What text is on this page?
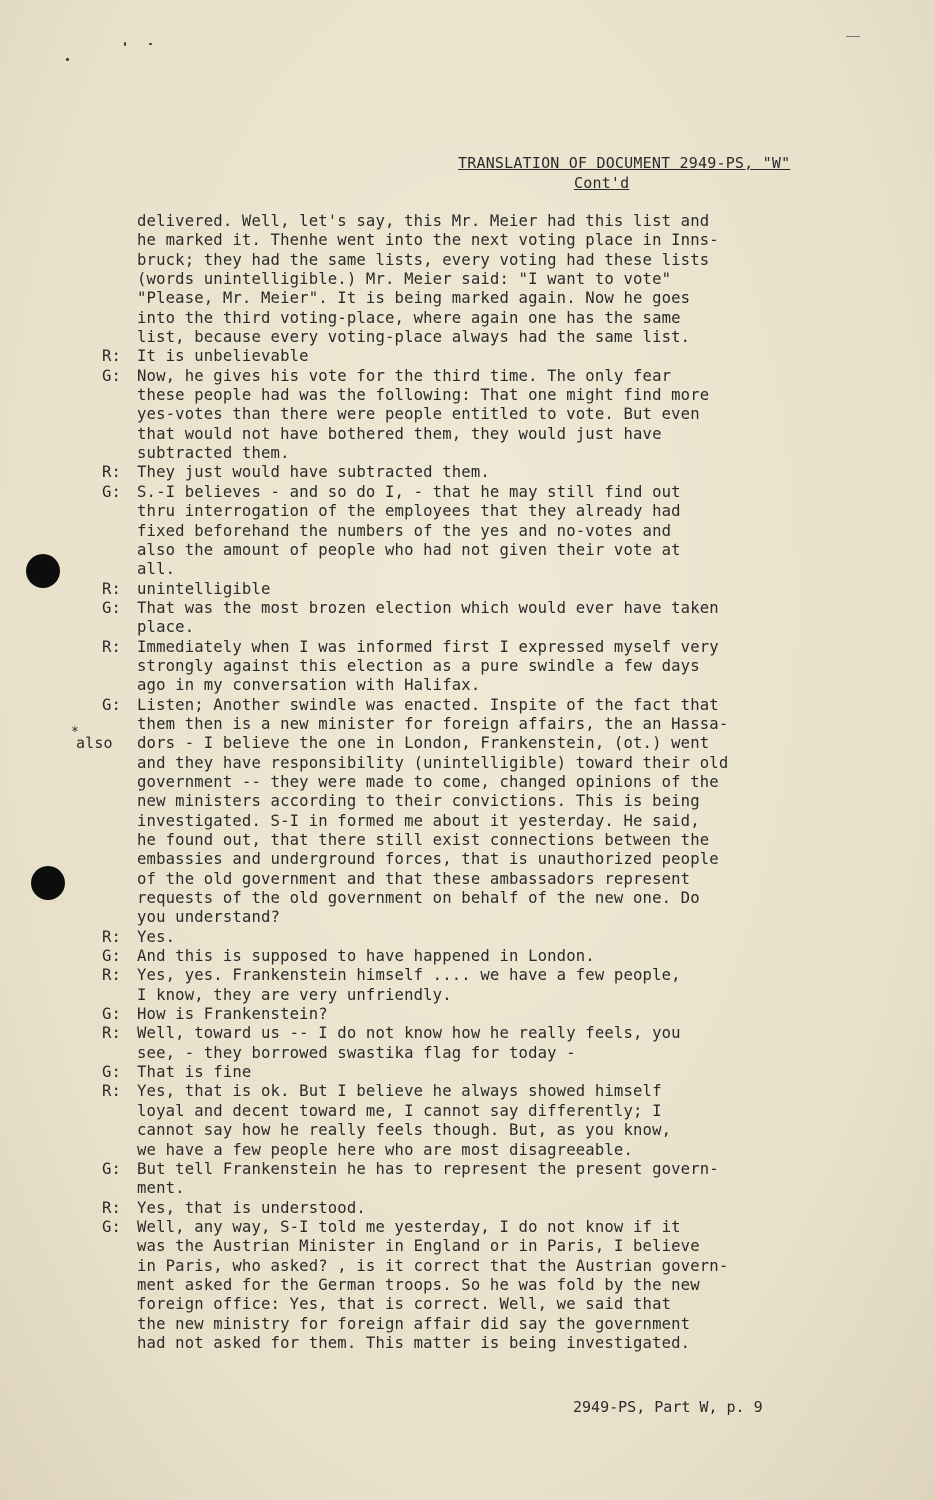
TRANSLATION OF DOCUMENT 2949-PS, "W"
Cont'd
delivered. Well, let's say, this Mr. Meier had this list and
he marked it. Thenhe went into the next voting place in Inns-
bruck; they had the same lists, every voting had these lists
(words unintelligible.) Mr. Meier said: "I want to vote"
"Please, Mr. Meier". It is being marked again. Now he goes
into the third voting-place, where again one has the same
list, because every voting-place always had the same list.
R:	It is unbelievable
G:	Now, he gives his vote for the third time. The only fear
these people had was the following: That one might find more
yes-votes than there were people entitled to vote. But even
that would not have bothered them, they would just have
subtracted them.
R:	They just would have subtracted them.
G:	S.-I believes - and so do I, - that he may still find out
thru interrogation of the employees that they already had
fixed beforehand the numbers of the yes and no-votes and
also the amount of people who had not given their vote at
all.
R:	unintelligible
G:	That was the most brozen election which would ever have taken
place.
R:	Immediately when I was informed first I expressed myself very
strongly against this election as a pure swindle a few days
ago in my conversation with Halifax.
G:	Listen; Another swindle was enacted. Inspite of the fact that
them then is a new minister for foreign affairs, the an Hassa-
*
also dors - I believe the one in London, Frankenstein, (ot.) went
and they have responsibility (unintelligible) toward their old
government -- they were made to come, changed opinions of the
new ministers according to their convictions. This is being
investigated. S-I in formed me about it yesterday. He said,
he found out, that there still exist connections between the
embassies and underground forces, that is unauthorized people
of the old government and that these ambassadors represent
requests of the old government on behalf of the new one. Do
you understand?
R:	Yes.
G:	And this is supposed to have happened in London.
R:	Yes, yes. Frankenstein himself .... we have a few people,
I know, they are very unfriendly.
G:	How is Frankenstein?
R:	Well, toward us -- I do not know how he really feels, you
see, - they borrowed swastika flag for today -
G:	That is fine
R:	Yes, that is ok. But I believe he always showed himself
loyal and decent toward me, I cannot say differently; I
cannot say how he really feels though. But, as you know,
we have a few people here who are most disagreeable.
G:	But tell Frankenstein he has to represent the present govern-
ment.
R:	Yes, that is understood.
G:	Well, any way, S-I told me yesterday, I do not know if it
was the Austrian Minister in England or in Paris, I believe
in Paris, who asked? , is it correct that the Austrian govern-
ment asked for the German troops. So he was fold by the new
foreign office: Yes, that is correct. Well, we said that
the new ministry for foreign affair did say the government
had not asked for them. This matter is being investigated.
2949-PS, Part W, p. 9
